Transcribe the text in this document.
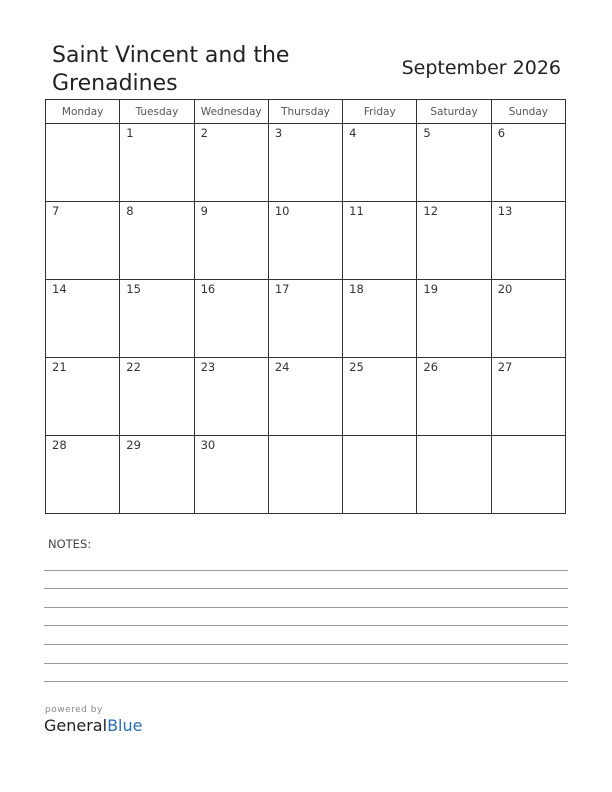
Saint Vincent and the Grenadines
September 2026
Monday	Tuesday	Wednesday	Thursday	Friday	Saturday	Sunday

	1	2	3	4	5	6

7	8	9	10	11	12	13

14	15	16	17	18	19	20

21	22	23	24	25	26	27

28	29	30				

NOTES:
powered by
GeneralBlue
